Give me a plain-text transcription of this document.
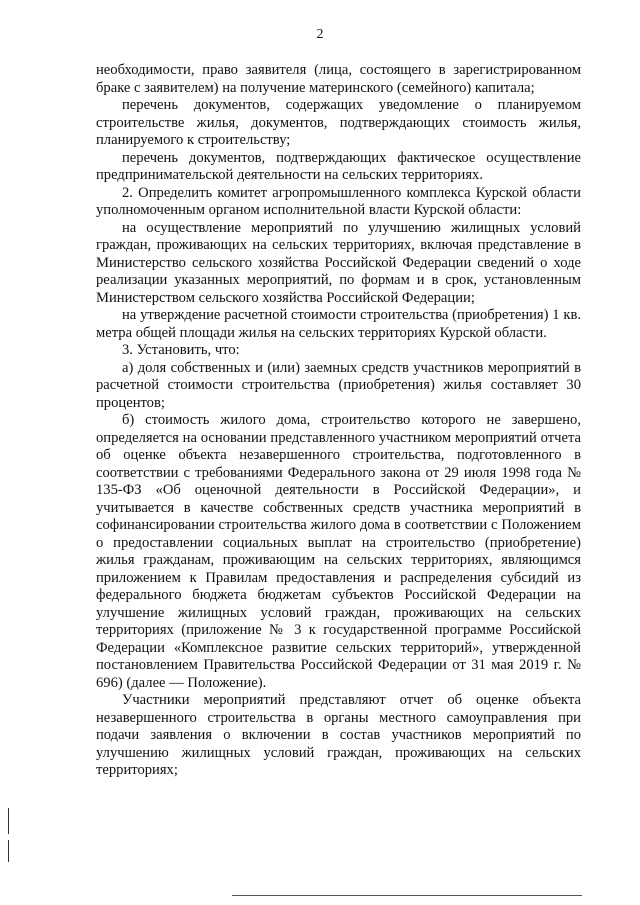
2

необходимости, право заявителя (лица, состоящего в зарегистрированном браке с заявителем) на получение материнского (семейного) капитала;

перечень документов, содержащих уведомление о планируемом строительстве жилья, документов, подтверждающих стоимость жилья, планируемого к строительству;

перечень документов, подтверждающих фактическое осуществление предпринимательской деятельности на сельских территориях.

2. Определить комитет агропромышленного комплекса Курской области уполномоченным органом исполнительной власти Курской области:

на осуществление мероприятий по улучшению жилищных условий граждан, проживающих на сельских территориях, включая представление в Министерство сельского хозяйства Российской Федерации сведений о ходе реализации указанных мероприятий, по формам и в срок, установленным Министерством сельского хозяйства Российской Федерации;

на утверждение расчетной стоимости строительства (приобретения) 1 кв. метра общей площади жилья на сельских территориях Курской области.

3. Установить, что:

а) доля собственных и (или) заемных средств участников мероприятий в расчетной стоимости строительства (приобретения) жилья составляет 30 процентов;

б) стоимость жилого дома, строительство которого не завершено, определяется на основании представленного участником мероприятий отчета об оценке объекта незавершенного строительства, подготовленного в соответствии с требованиями Федерального закона от 29 июля 1998 года № 135-ФЗ «Об оценочной деятельности в Российской Федерации», и учитывается в качестве собственных средств участника мероприятий в софинансировании строительства жилого дома в соответствии с Положением о предоставлении социальных выплат на строительство (приобретение) жилья гражданам, проживающим на сельских территориях, являющимся приложением к Правилам предоставления и распределения субсидий из федерального бюджета бюджетам субъектов Российской Федерации на улучшение жилищных условий граждан, проживающих на сельских территориях (приложение № 3 к государственной программе Российской Федерации «Комплексное развитие сельских территорий», утвержденной постановлением Правительства Российской Федерации от 31 мая 2019 г. № 696) (далее — Положение).

Участники мероприятий представляют отчет об оценке объекта незавершенного строительства в органы местного самоуправления при подачи заявления о включении в состав участников мероприятий по улучшению жилищных условий граждан, проживающих на сельских территориях;
